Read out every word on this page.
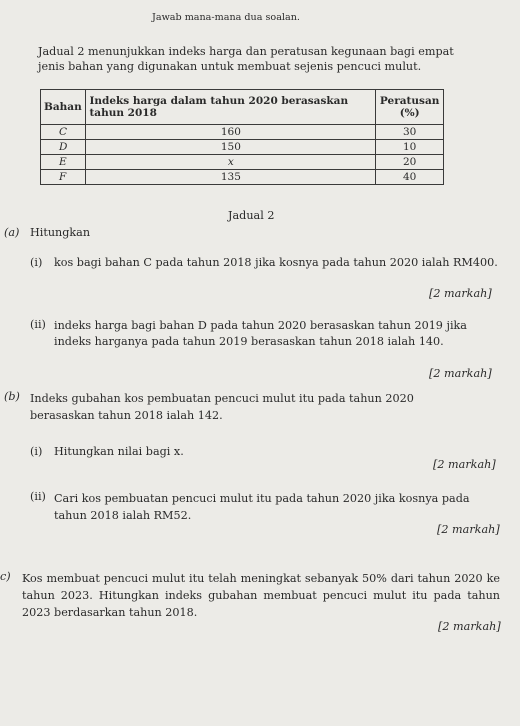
Jawab mana-mana dua soalan.
Jadual 2 menunjukkan indeks harga dan peratusan kegunaan bagi empat jenis bahan yang digunakan untuk membuat sejenis pencuci mulut.
Bahan	Indeks harga dalam tahun 2020 berasaskan tahun 2018	Peratusan (%)
C	160	30
D	150	10
E	x	20
F	135	40
Jadual 2
(a) Hitungkan
(i) kos bagi bahan C pada tahun 2018 jika kosnya pada tahun 2020 ialah RM400.
[2 markah]
(ii) indeks harga bagi bahan D pada tahun 2020 berasaskan tahun 2019 jika indeks harganya pada tahun 2019 berasaskan tahun 2018 ialah 140.
[2 markah]
(b) Indeks gubahan kos pembuatan pencuci mulut itu pada tahun 2020 berasaskan tahun 2018 ialah 142.
(i) Hitungkan nilai bagi x.
[2 markah]
(ii) Cari kos pembuatan pencuci mulut itu pada tahun 2020 jika kosnya pada tahun 2018 ialah RM52.
[2 markah]
c) Kos membuat pencuci mulut itu telah meningkat sebanyak 50% dari tahun 2020 ke tahun 2023. Hitungkan indeks gubahan membuat pencuci mulut itu pada tahun 2023 berdasarkan tahun 2018.
[2 markah]
